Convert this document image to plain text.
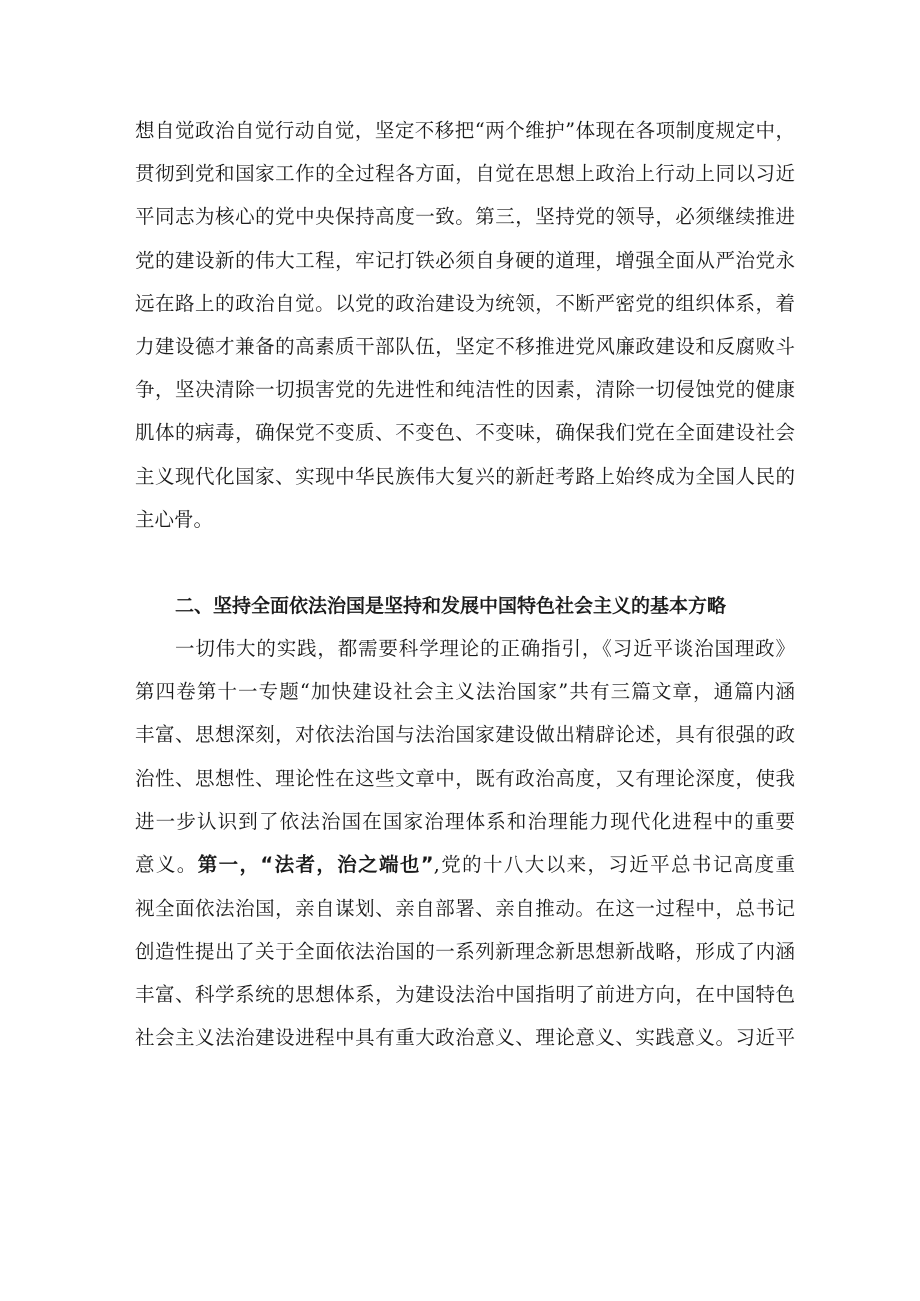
想自觉政治自觉行动自觉，坚定不移把“两个维护”体现在各项制度规定中，
贯彻到党和国家工作的全过程各方面，自觉在思想上政治上行动上同以习近
平同志为核心的党中央保持高度一致。第三，坚持党的领导，必须继续推进
党的建设新的伟大工程，牢记打铁必须自身硬的道理，增强全面从严治党永
远在路上的政治自觉。以党的政治建设为统领，不断严密党的组织体系，着
力建设德才兼备的高素质干部队伍，坚定不移推进党风廉政建设和反腐败斗
争，坚决清除一切损害党的先进性和纯洁性的因素，清除一切侵蚀党的健康
肌体的病毒，确保党不变质、不变色、不变味，确保我们党在全面建设社会
主义现代化国家、实现中华民族伟大复兴的新赶考路上始终成为全国人民的
主心骨。
二、坚持全面依法治国是坚持和发展中国特色社会主义的基本方略
一切伟大的实践，都需要科学理论的正确指引，《习近平谈治国理政》
第四卷第十一专题“加快建设社会主义法治国家”共有三篇文章，通篇内涵
丰富、思想深刻，对依法治国与法治国家建设做出精辟论述，具有很强的政
治性、思想性、理论性在这些文章中，既有政治高度，又有理论深度，使我
进一步认识到了依法治国在国家治理体系和治理能力现代化进程中的重要
意义。第一，“法者，治之端也”,党的十八大以来，习近平总书记高度重
视全面依法治国，亲自谋划、亲自部署、亲自推动。在这一过程中，总书记
创造性提出了关于全面依法治国的一系列新理念新思想新战略，形成了内涵
丰富、科学系统的思想体系，为建设法治中国指明了前进方向，在中国特色
社会主义法治建设进程中具有重大政治意义、理论意义、实践意义。习近平
